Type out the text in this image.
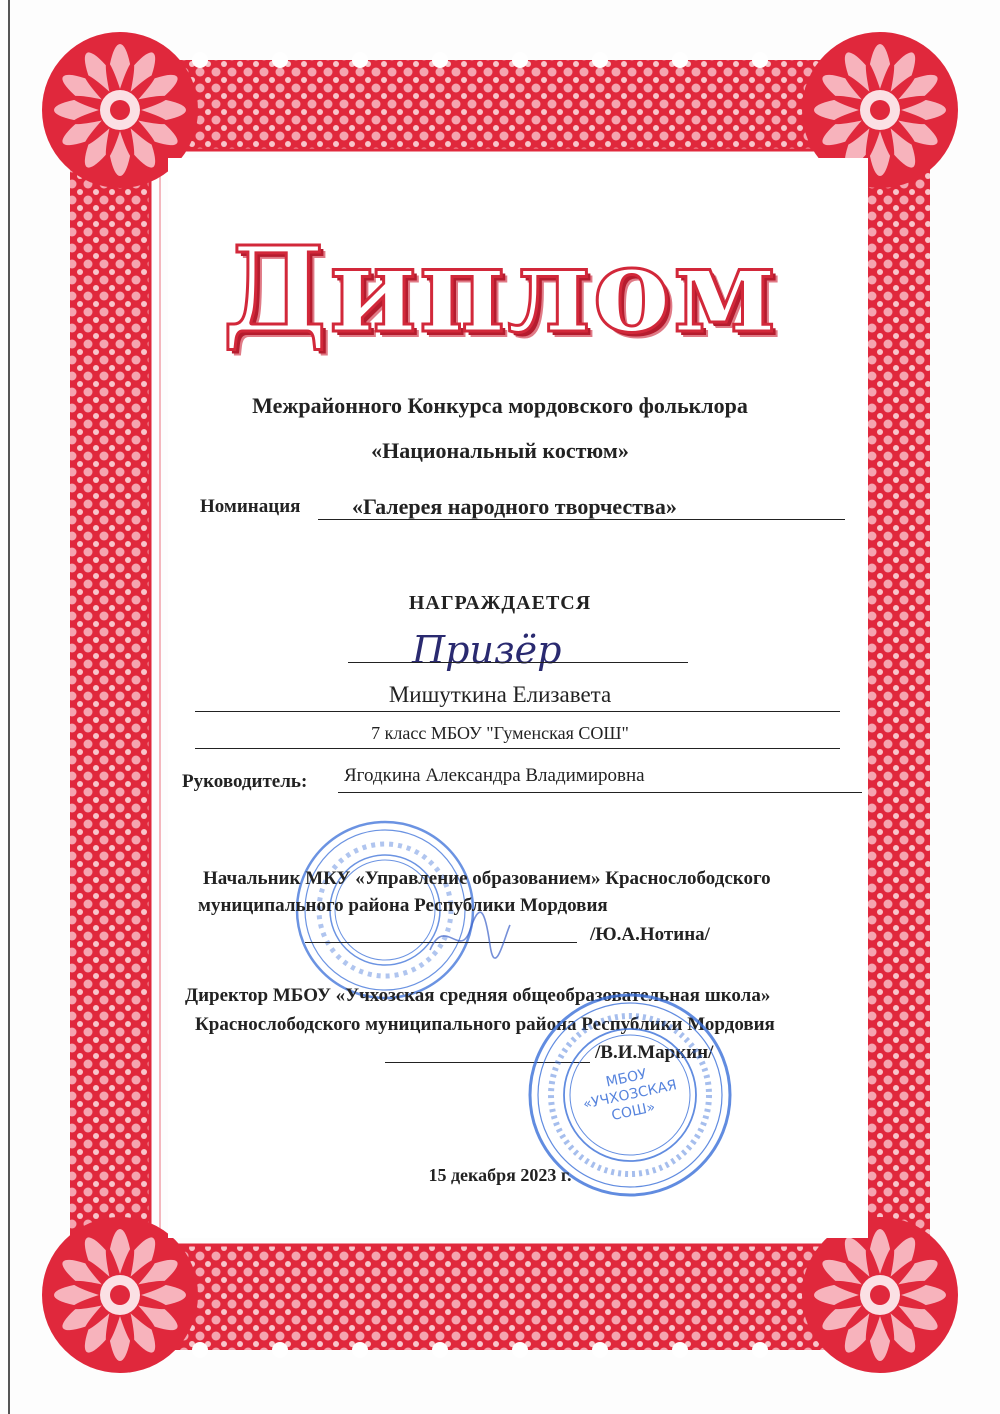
Диплом
Межрайонного Конкурса мордовского фольклора
«Национальный костюм»
Номинация «Галерея народного творчества»
НАГРАЖДАЕТСЯ
Призёр
Мишуткина Елизавета
7 класс МБОУ "Гуменская СОШ"
Руководитель: Ягодкина Александра Владимировна
Начальник МКУ «Управление образованием» Краснослободского
муниципального района Республики Мордовия
/Ю.А.Нотина/
Директор МБОУ «Учхозская средняя общеобразовательная школа»
Краснослободского муниципального района Республики Мордовия
/В.И.Маркин/
МБОУ «УЧХОЗСКАЯ СОШ»
15 декабря 2023 г.
